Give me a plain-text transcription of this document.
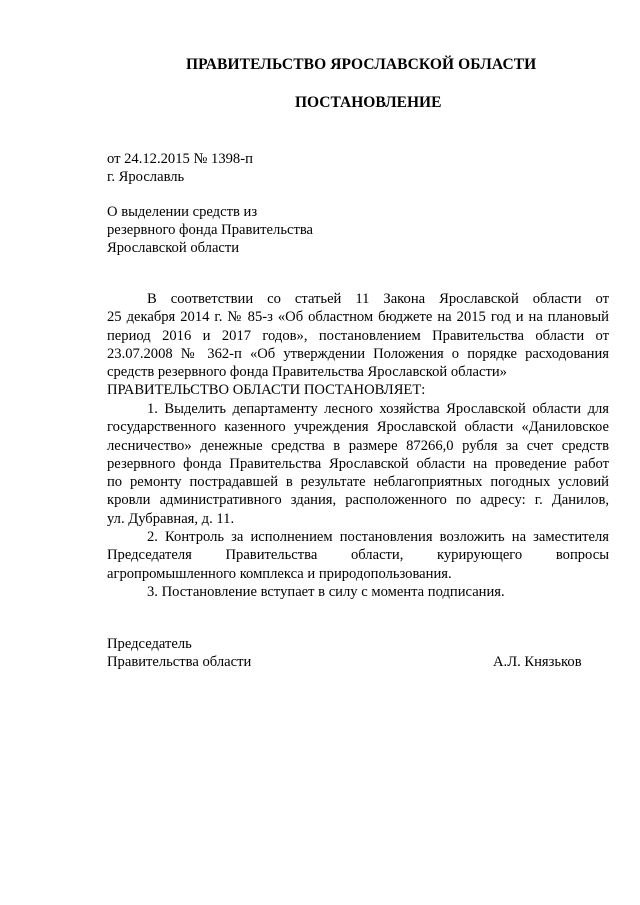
ПРАВИТЕЛЬСТВО ЯРОСЛАВСКОЙ ОБЛАСТИ
ПОСТАНОВЛЕНИЕ
от 24.12.2015 № 1398-п
г. Ярославль
О выделении средств из
резервного фонда Правительства
Ярославской области
В соответствии со статьей 11 Закона Ярославской области от
25 декабря 2014 г. № 85-з «Об областном бюджете на 2015 год и на плановый
период 2016 и 2017 годов», постановлением Правительства области от
23.07.2008 № 362-п «Об утверждении Положения о порядке расходования
средств резервного фонда Правительства Ярославской области»
ПРАВИТЕЛЬСТВО ОБЛАСТИ ПОСТАНОВЛЯЕТ:
1. Выделить департаменту лесного хозяйства Ярославской области для
государственного казенного учреждения Ярославской области «Даниловское
лесничество» денежные средства в размере 87266,0 рубля за счет средств
резервного фонда Правительства Ярославской области на проведение работ
по ремонту пострадавшей в результате неблагоприятных погодных условий
кровли административного здания, расположенного по адресу: г. Данилов,
ул. Дубравная, д. 11.
2. Контроль за исполнением постановления возложить на заместителя
Председателя Правительства области, курирующего вопросы
агропромышленного комплекса и природопользования.
3. Постановление вступает в силу с момента подписания.
Председатель
Правительства области	А.Л. Князьков
